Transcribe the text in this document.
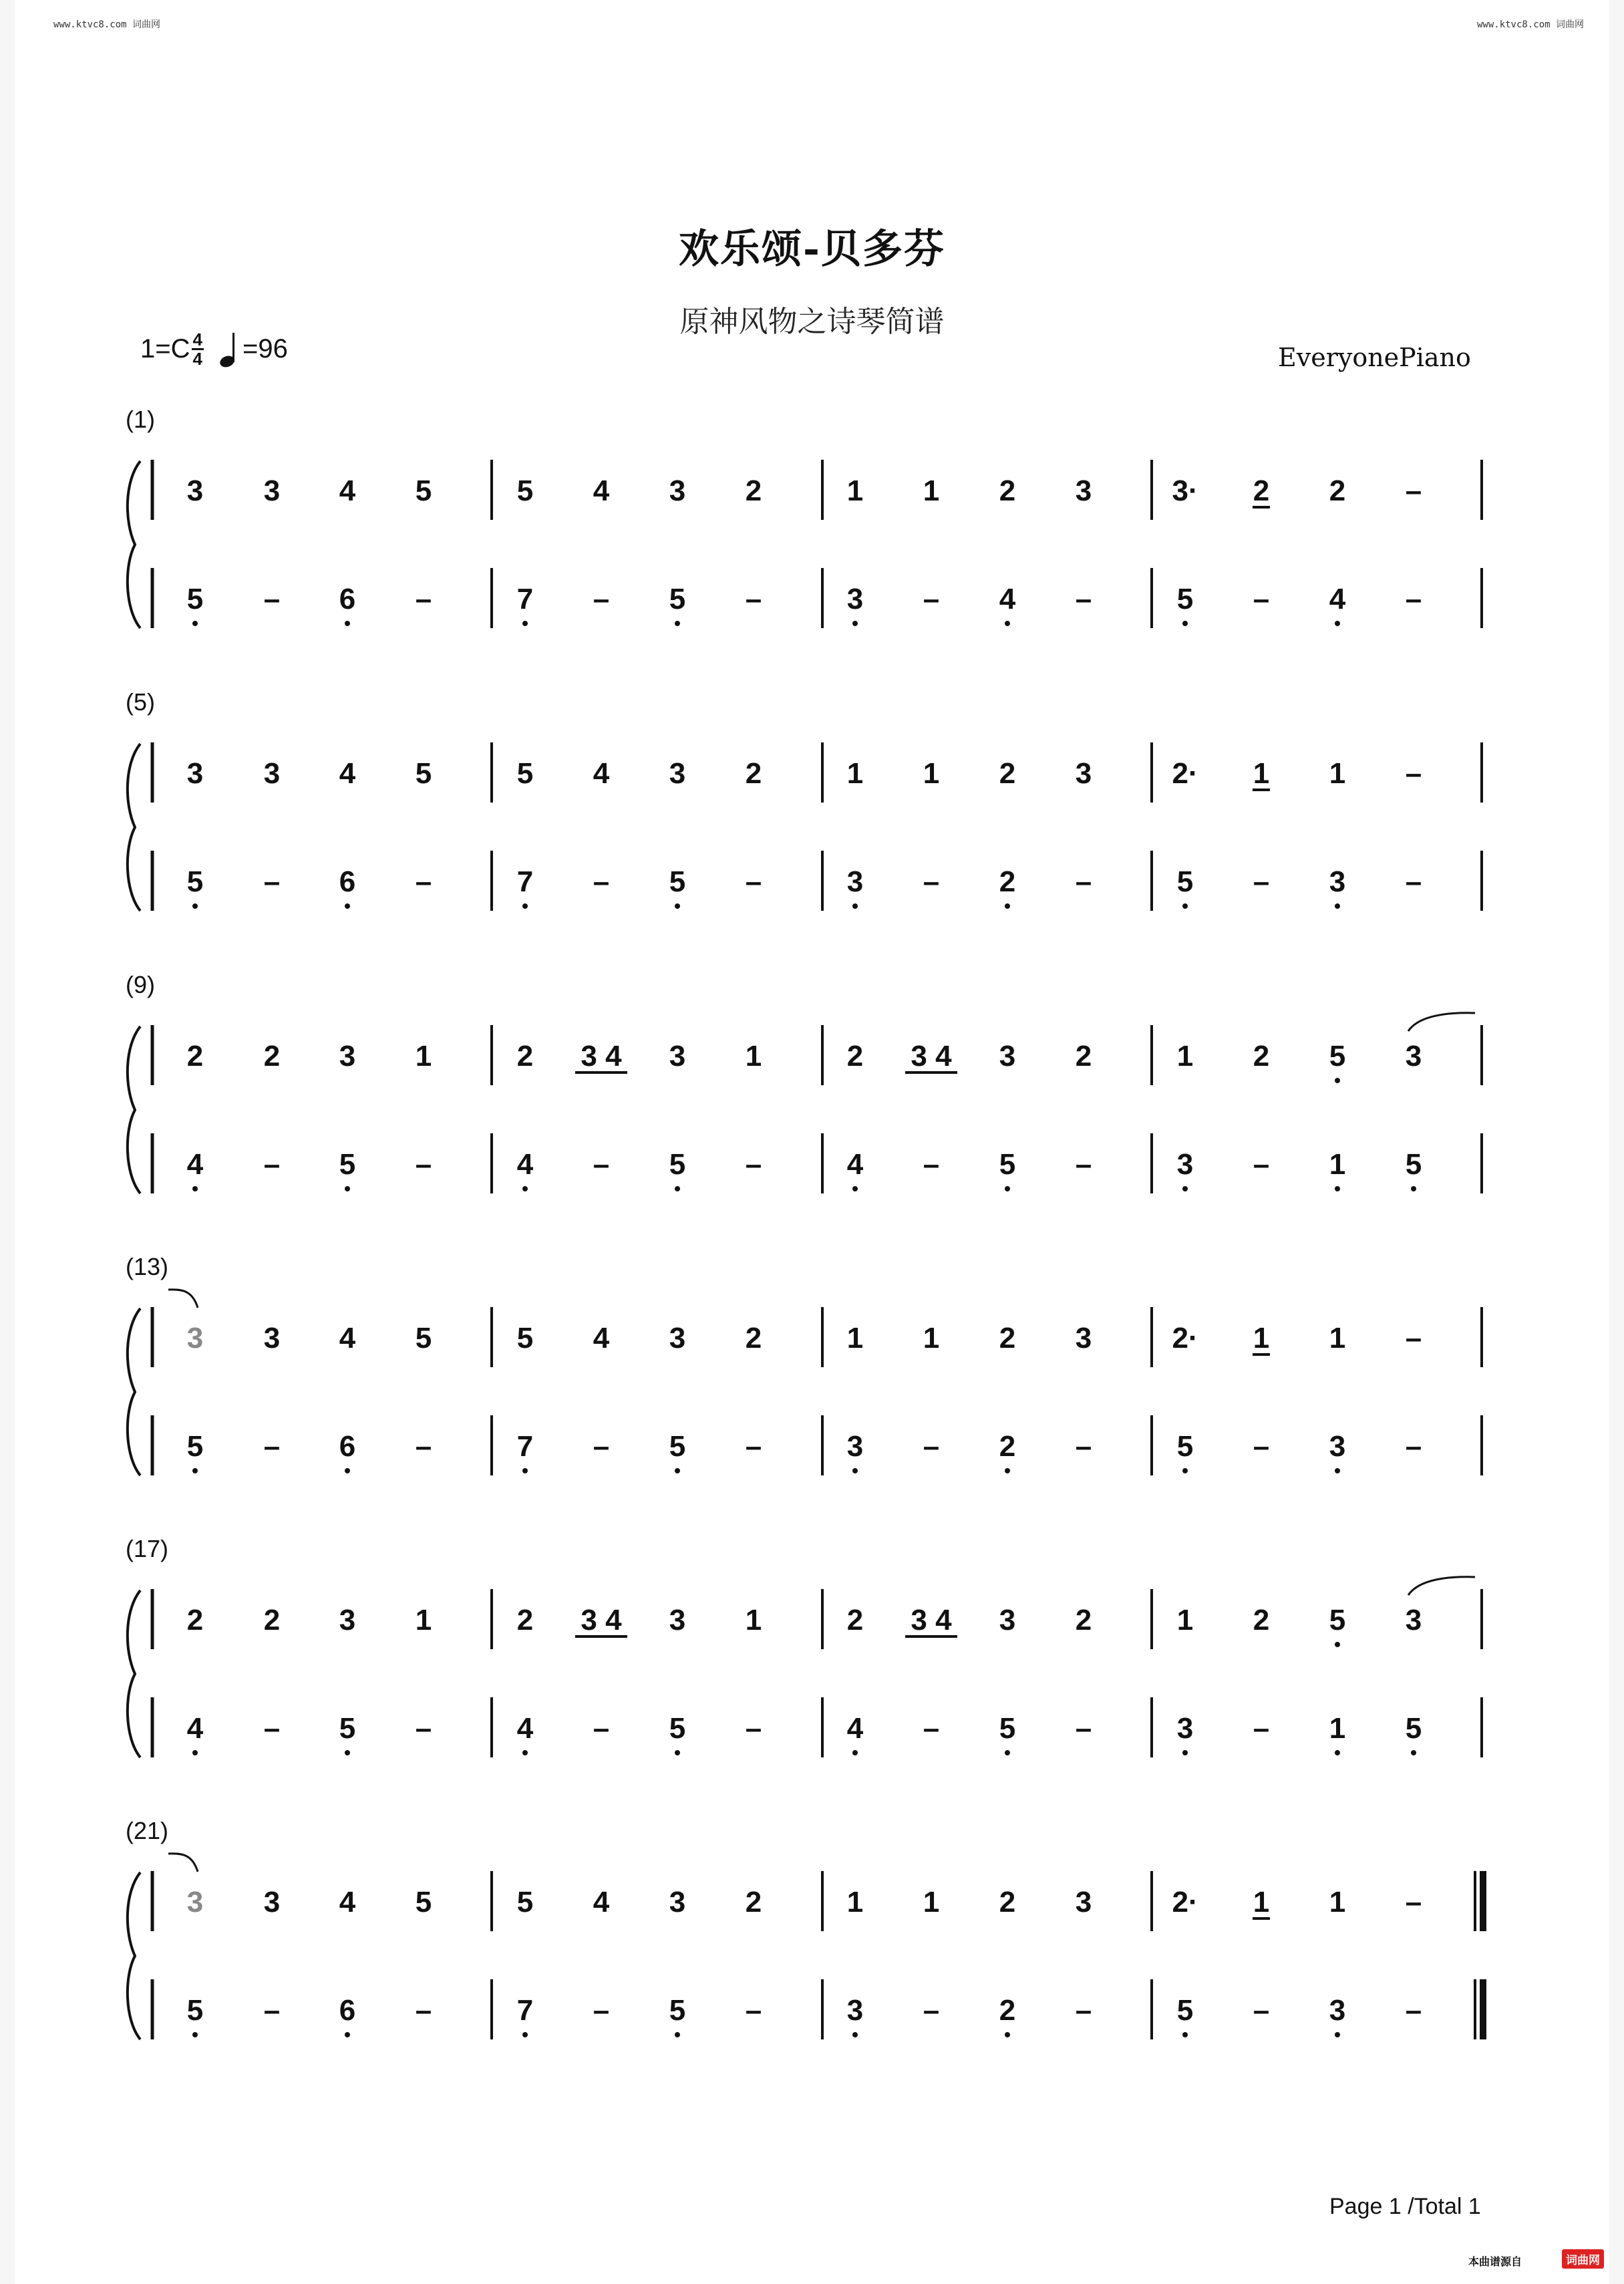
www.ktvc8.com 词曲网	www.ktvc8.com 词曲网
欢乐颂-贝多芬
原神风物之诗琴简谱
1=C 4
4 =96	EveryonePiano
(1)
3 3 4 5	5 4 3 2	1 1 2 3	3· 2 2 –
5 – 6 –	7 – 5 –	3 – 4 –	5 – 4 –
(5)
3 3 4 5	5 4 3 2	1 1 2 3	2· 1 1 –
5 – 6 –	7 – 5 –	3 – 2 –	5 – 3 –
(9)
2 2 3 1	2 3 4 3 1	2 3 4 3 2	1 2 5 3
4 – 5 –	4 – 5 –	4 – 5 –	3 – 1 5
(13)
3 3 4 5	5 4 3 2	1 1 2 3	2· 1 1 –
5 – 6 –	7 – 5 –	3 – 2 –	5 – 3 –
(17)
2 2 3 1	2 3 4 3 1	2 3 4 3 2	1 2 5 3
4 – 5 –	4 – 5 –	4 – 5 –	3 – 1 5
(21)
3 3 4 5	5 4 3 2	1 1 2 3	2· 1 1 –
5 – 6 –	7 – 5 –	3 – 2 –	5 – 3 –
Page 1 /Total 1
本曲谱源自	词曲网
